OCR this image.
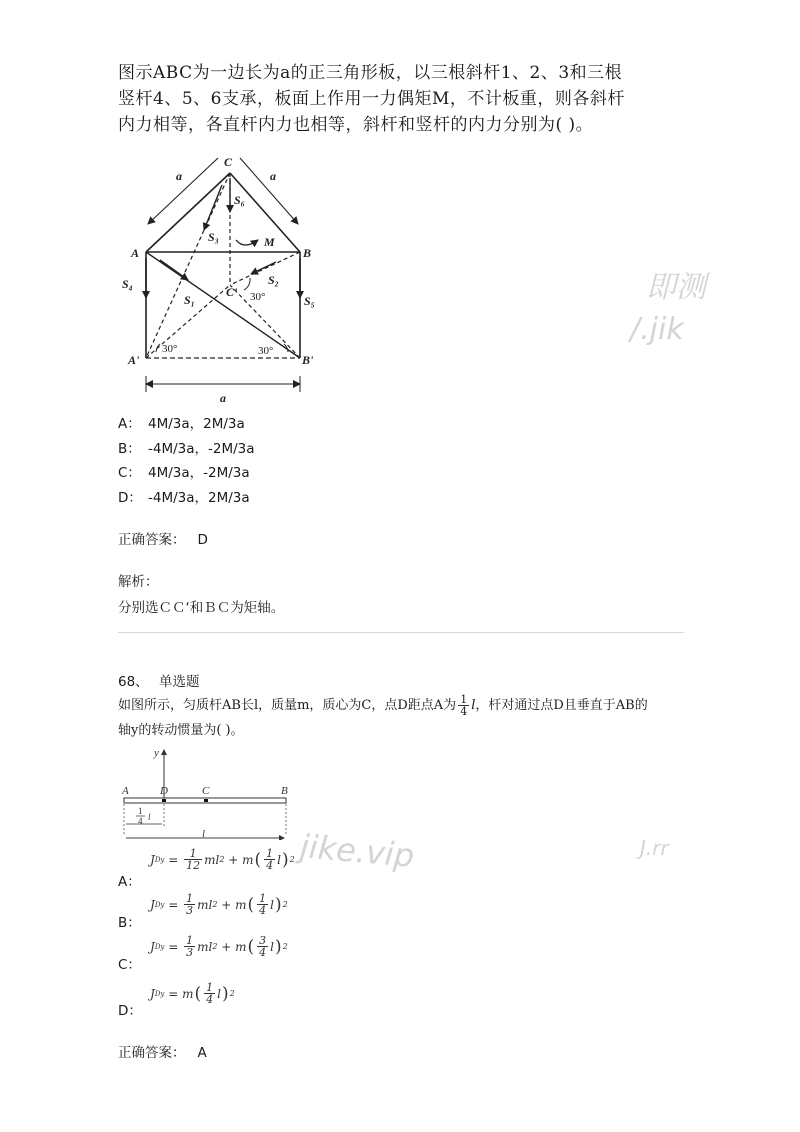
图示ABC为一边长为a的正三角形板，以三根斜杆1、2、3和三根
竖杆4、5、6支承，板面上作用一力偶矩M，不计板重，则各斜杆
内力相等，各直杆内力也相等，斜杆和竖杆的内力分别为( )。
C
A	B
A'	B'
C'
a	a
a
S₃
S₆
S₁
S₂
S₄
S₅
M
30°	30°
30°
A： 4M/3a，2M/3a
B： -4M/3a，-2M/3a
C： 4M/3a，-2M/3a
D： -4M/3a，2M/3a
正确答案： D
解析：
分别选ＣＣ‘和ＢＣ为矩轴。
68、 单选题
如图所示，匀质杆AB长l，质量m，质心为C，点D距点A为 $\frac{1}{4}$ l，杆对通过点D且垂直于AB的
轴y的转动惯量为( )。
y
A	D	C	B
l
1
4 l
A：
J Dy
=
$\frac{1}{12}$ ml 2
+ m ( $\frac{1}{4}$ l ) 2
B：
J Dy
=
$\frac{1}{3}$ ml 2
+ m ( $\frac{1}{4}$ l ) 2
C：
J Dy
=
$\frac{1}{3}$ ml 2
+ m ( $\frac{3}{4}$ l ) 2
D：
J Dy
= m ( $\frac{1}{4}$ l ) 2
正确答案： A
即测
/.jik
jike.vip	J.rr
